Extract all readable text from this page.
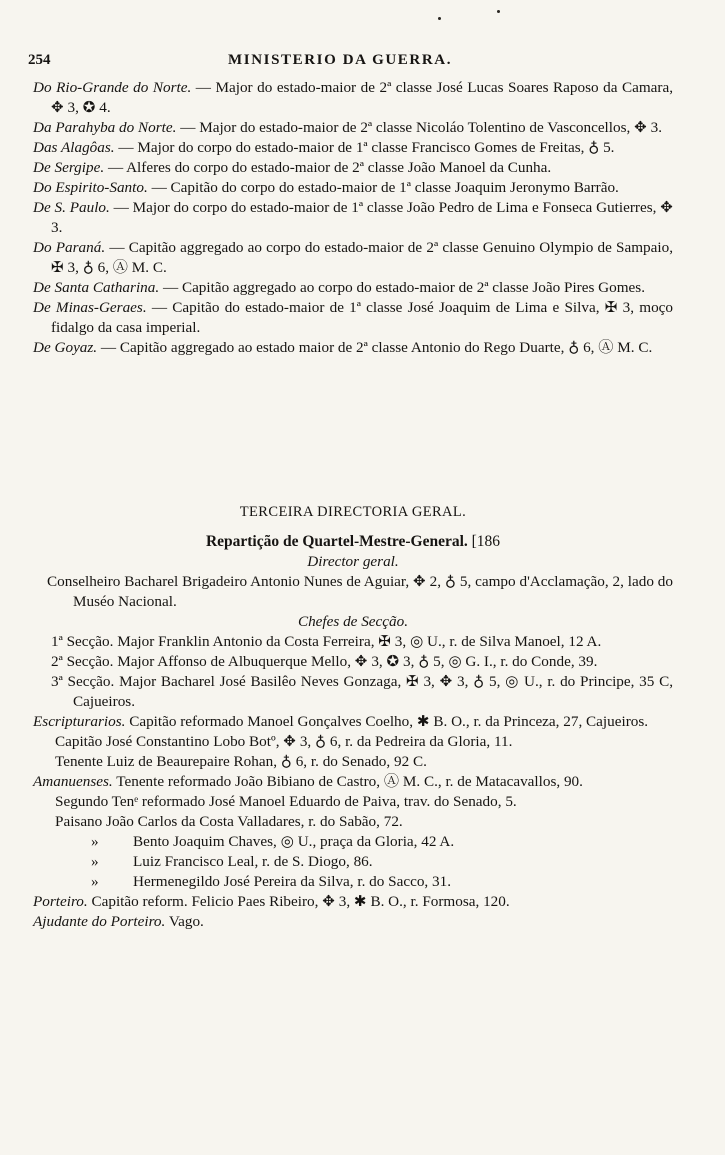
254	MINISTERIO DA GUERRA.

Do Rio-Grande do Norte. — Major do estado-maior de 2ª classe José Lucas Soares Raposo da Camara, ✥ 3, ✪ 4.

Da Parahyba do Norte. — Major do estado-maior de 2ª classe Nicoláo Tolentino de Vasconcellos, ✥ 3.

Das Alagôas. — Major do corpo do estado-maior de 1ª classe Francisco Gomes de Freitas, ♁ 5.

De Sergipe. — Alferes do corpo do estado-maior de 2ª classe João Manoel da Cunha.

Do Espirito-Santo. — Capitão do corpo do estado-maior de 1ª classe Joaquim Jeronymo Barrão.

De S. Paulo. — Major do corpo do estado-maior de 1ª classe João Pedro de Lima e Fonseca Gutierres, ✥ 3.

Do Paraná. — Capitão aggregado ao corpo do estado-maior de 2ª classe Genuino Olympio de Sampaio, ✠ 3, ♁ 6, Ⓐ M. C.

De Santa Catharina. — Capitão aggregado ao corpo do estado-maior de 2ª classe João Pires Gomes.

De Minas-Geraes. — Capitão do estado-maior de 1ª classe José Joaquim de Lima e Silva, ✠ 3, moço fidalgo da casa imperial.

De Goyaz. — Capitão aggregado ao estado maior de 2ª classe Antonio do Rego Duarte, ♁ 6, Ⓐ M. C.

TERCEIRA DIRECTORIA GERAL.

Repartição de Quartel-Mestre-General. [186

Director geral.

Conselheiro Bacharel Brigadeiro Antonio Nunes de Aguiar, ✥ 2, ♁ 5, campo d'Acclamação, 2, lado do Muséo Nacional.

Chefes de Secção.

1ª Secção. Major Franklin Antonio da Costa Ferreira, ✠ 3, ◎ U., r. de Silva Manoel, 12 A.

2ª Secção. Major Affonso de Albuquerque Mello, ✥ 3, ✪ 3, ♁ 5, ◎ G. I., r. do Conde, 39.

3ª Secção. Major Bacharel José Basilêo Neves Gonzaga, ✠ 3, ✥ 3, ♁ 5, ◎ U., r. do Principe, 35 C, Cajueiros.

Escripturarios. Capitão reformado Manoel Gonçalves Coelho, ✱ B. O., r. da Princeza, 27, Cajueiros.

Capitão José Constantino Lobo Botº, ✥ 3, ♁ 6, r. da Pedreira da Gloria, 11.

Tenente Luiz de Beaurepaire Rohan, ♁ 6, r. do Senado, 92 C.

Amanuenses. Tenente reformado João Bibiano de Castro, Ⓐ M. C., r. de Matacavallos, 90.

Segundo Tenᵉ reformado José Manoel Eduardo de Paiva, trav. do Senado, 5.

Paisano João Carlos da Costa Valladares, r. do Sabão, 72.

» Bento Joaquim Chaves, ◎ U., praça da Gloria, 42 A.

» Luiz Francisco Leal, r. de S. Diogo, 86.

» Hermenegildo José Pereira da Silva, r. do Sacco, 31.

Porteiro. Capitão reform. Felicio Paes Ribeiro, ✥ 3, ✱ B. O., r. Formosa, 120.

Ajudante do Porteiro. Vago.
